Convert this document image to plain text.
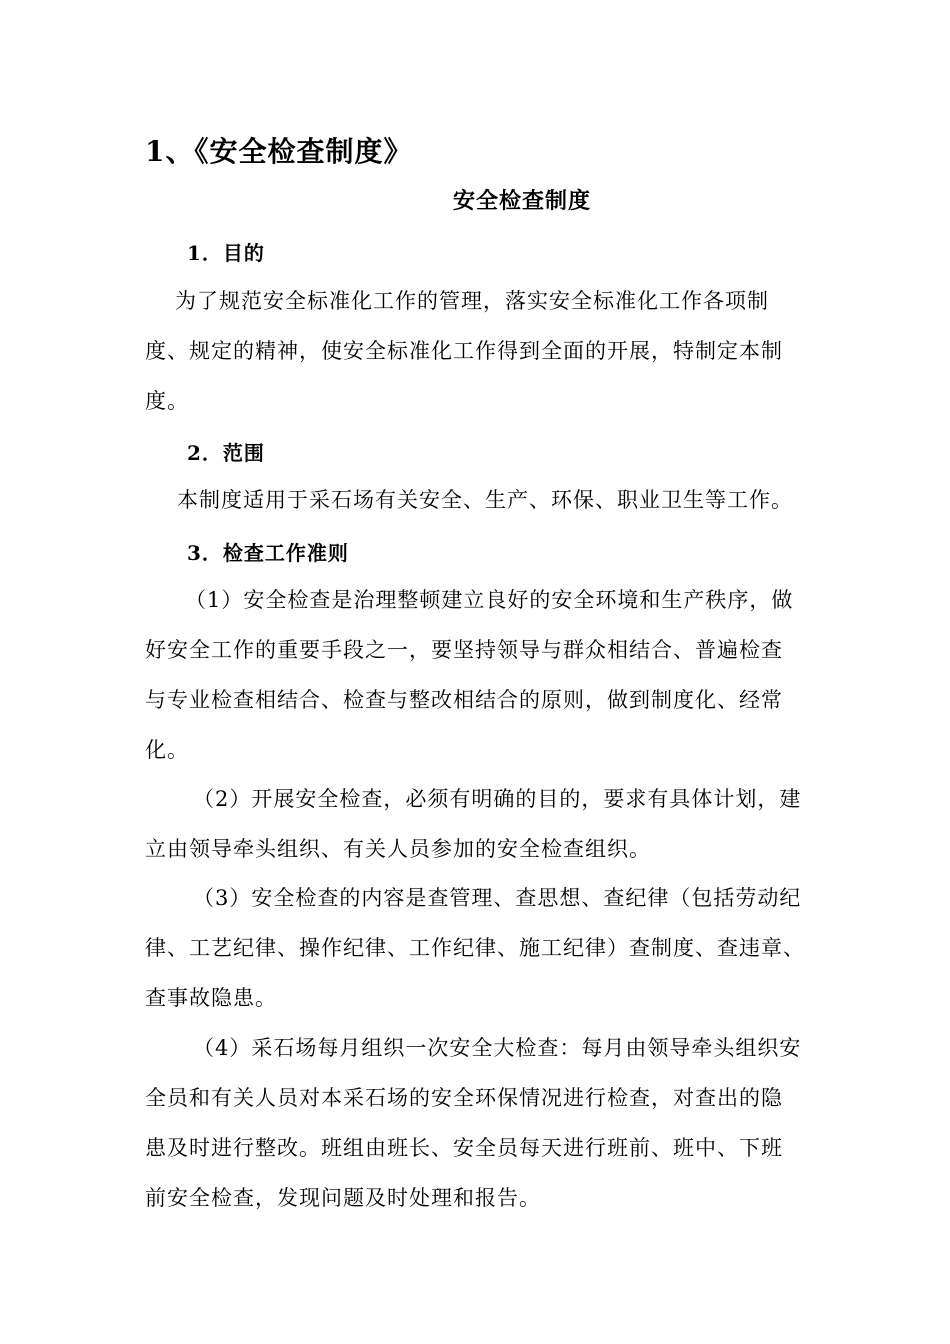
1、《安全检查制度》
安全检查制度
1．目的
为了规范安全标准化工作的管理，落实安全标准化工作各项制
度、规定的精神，使安全标准化工作得到全面的开展，特制定本制
度。
2．范围
本制度适用于采石场有关安全、生产、环保、职业卫生等工作。
3．检查工作准则
（1）安全检查是治理整顿建立良好的安全环境和生产秩序，做
好安全工作的重要手段之一，要坚持领导与群众相结合、普遍检查
与专业检查相结合、检查与整改相结合的原则，做到制度化、经常
化。
（2）开展安全检查，必须有明确的目的，要求有具体计划，建
立由领导牵头组织、有关人员参加的安全检查组织。
（3）安全检查的内容是查管理、查思想、查纪律（包括劳动纪
律、工艺纪律、操作纪律、工作纪律、施工纪律）查制度、查违章、
查事故隐患。
（4）采石场每月组织一次安全大检查：每月由领导牵头组织安
全员和有关人员对本采石场的安全环保情况进行检查，对查出的隐
患及时进行整改。班组由班长、安全员每天进行班前、班中、下班
前安全检查，发现问题及时处理和报告。
